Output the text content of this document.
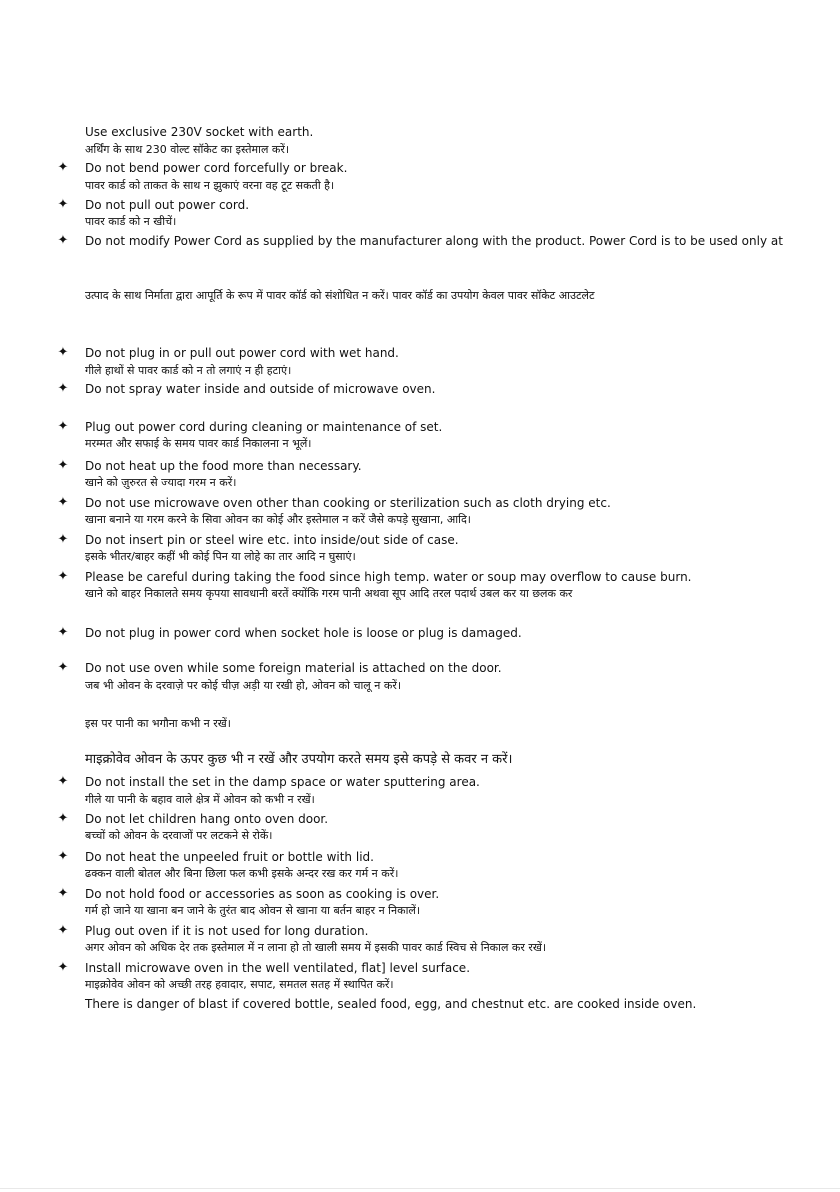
Use exclusive 230V socket with earth.
अर्थिंग के साथ 230 वोल्ट सॉकेट का इस्तेमाल करें।
✦ Do not bend power cord forcefully or break.
पावर कार्ड को ताकत के साथ न झुकाएं वरना वह टूट सकती है।
✦ Do not pull out power cord.
पावर कार्ड को न खीचें।
✦ Do not modify Power Cord as supplied by the manufacturer along with the product. Power Cord is to be used only at
उत्पाद के साथ निर्माता द्वारा आपूर्ति के रूप में पावर कॉर्ड को संशोधित न करें। पावर कॉर्ड का उपयोग केवल पावर सॉकेट आउटलेट
✦ Do not plug in or pull out power cord with wet hand.
गीले हाथों से पावर कार्ड को न तो लगाएं न ही हटाएं।
✦ Do not spray water inside and outside of microwave oven.
✦ Plug out power cord during cleaning or maintenance of set.
मरम्मत और सफाई के समय पावर कार्ड निकालना न भूलें।
✦ Do not heat up the food more than necessary.
खाने को ज़ुरुरत से ज्यादा गरम न करें।
✦ Do not use microwave oven other than cooking or sterilization such as cloth drying etc.
खाना बनाने या गरम करने के सिवा ओवन का कोई और इस्तेमाल न करें जैसे कपड़े सुखाना, आदि।
✦ Do not insert pin or steel wire etc. into inside/out side of case.
इसके भीतर/बाहर कहीं भी कोई पिन या लोहे का तार आदि न घुसाएं।
✦ Please be careful during taking the food since high temp. water or soup may overflow to cause burn.
खाने को बाहर निकालते समय कृपया सावधानी बरतें क्योंकि गरम पानी अथवा सूप आदि तरल पदार्थ उबल कर या छलक कर
✦ Do not plug in power cord when socket hole is loose or plug is damaged.
✦ Do not use oven while some foreign material is attached on the door.
जब भी ओवन के दरवाज़े पर कोई चीज़ अड़ी या रखी हो, ओवन को चालू न करें।
इस पर पानी का भगौना कभी न रखें।
माइक्रोवेव ओवन के ऊपर कुछ भी न रखें और उपयोग करते समय इसे कपड़े से कवर न करें।
✦ Do not install the set in the damp space or water sputtering area.
गीले या पानी के बहाव वाले क्षेत्र में ओवन को कभी न रखें।
✦ Do not let children hang onto oven door.
बच्चों को ओवन के दरवाजों पर लटकने से रोकें।
✦ Do not heat the unpeeled fruit or bottle with lid.
ढक्कन वाली बोतल और बिना छिला फल कभी इसके अन्दर रख कर गर्म न करें।
✦ Do not hold food or accessories as soon as cooking is over.
गर्म हो जाने या खाना बन जाने के तुरंत बाद ओवन से खाना या बर्तन बाहर न निकालें।
✦ Plug out oven if it is not used for long duration.
अगर ओवन को अधिक देर तक इस्तेमाल में न लाना हो तो खाली समय में इसकी पावर कार्ड स्विच से निकाल कर रखें।
✦ Install microwave oven in the well ventilated, flat] level surface.
माइक्रोवेव ओवन को अच्छी तरह हवादार, सपाट, समतल सतह में स्थापित करें।
There is danger of blast if covered bottle, sealed food, egg, and chestnut etc. are cooked inside oven.
